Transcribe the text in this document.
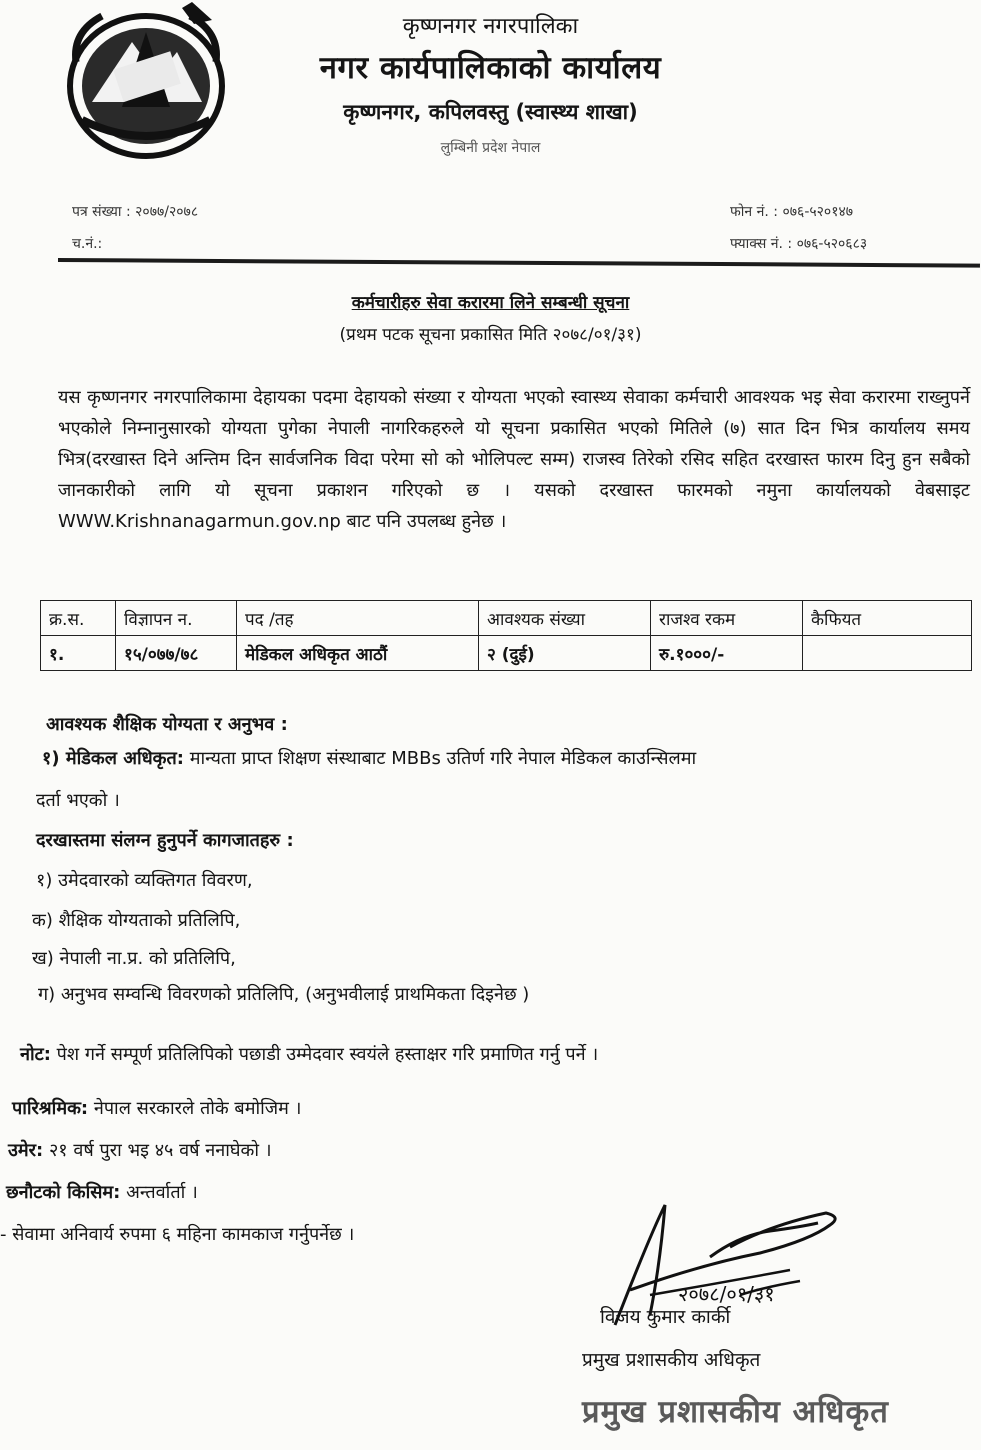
कृष्णनगर नगरपालिका
नगर कार्यपालिकाको कार्यालय
कृष्णनगर, कपिलवस्तु (स्वास्थ्य शाखा)
लुम्बिनी प्रदेश नेपाल
पत्र संख्या : २०७७/२०७८
च.नं.:
फोन नं. : ०७६-५२०१४७
फ्याक्स नं. : ०७६-५२०६८३
कर्मचारीहरु सेवा करारमा लिने सम्बन्धी सूचना
(प्रथम पटक सूचना प्रकासित मिति २०७८/०१/३१)
यस कृष्णनगर नगरपालिकामा देहायका पदमा देहायको संख्या र योग्यता भएको स्वास्थ्य सेवाका कर्मचारी आवश्यक भइ सेवा करारमा राख्नुपर्ने भएकोले निम्नानुसारको योग्यता पुगेका नेपाली नागरिकहरुले यो सूचना प्रकासित भएको मितिले (७) सात दिन भित्र कार्यालय समय भित्र(दरखास्त दिने अन्तिम दिन सार्वजनिक विदा परेमा सो को भोलिपल्ट सम्म) राजस्व तिरेको रसिद सहित दरखास्त फारम दिनु हुन सबैको जानकारीको लागि यो सूचना प्रकाशन गरिएको छ । यसको दरखास्त फारमको नमुना कार्यालयको वेबसाइट WWW.Krishnanagarmun.gov.np बाट पनि उपलब्ध हुनेछ ।
क्र.स.	विज्ञापन न.	पद /तह	आवश्यक संख्या	राजश्व रकम	कैफियत
१.	१५/०७७/७८	मेडिकल अधिकृत आठौं	२ (दुई)	रु.१०००/-	
आवश्यक शैक्षिक योग्यता र अनुभव :
१) मेडिकल अधिकृत: मान्यता प्राप्त शिक्षण संस्थाबाट MBBs उतिर्ण गरि नेपाल मेडिकल काउन्सिलमा
दर्ता भएको ।
दरखास्तमा संलग्न हुनुपर्ने कागजातहरु :
१) उमेदवारको व्यक्तिगत विवरण,
क) शैक्षिक योग्यताको प्रतिलिपि,
ख) नेपाली ना.प्र. को प्रतिलिपि,
ग) अनुभव सम्वन्धि विवरणको प्रतिलिपि, (अनुभवीलाई प्राथमिकता दिइनेछ )
नोट: पेश गर्ने सम्पूर्ण प्रतिलिपिको पछाडी उम्मेदवार स्वयंले हस्ताक्षर गरि प्रमाणित गर्नु पर्ने ।
पारिश्रमिक: नेपाल सरकारले तोके बमोजिम ।
उमेर: २१ वर्ष पुरा भइ ४५ वर्ष ननाघेको ।
छनौटको किसिम: अन्तर्वार्ता ।
- सेवामा अनिवार्य रुपमा ६ महिना कामकाज गर्नुपर्नेछ ।
२०७८/०१/३१
विजय कुमार कार्की
प्रमुख प्रशासकीय अधिकृत
प्रमुख प्रशासकीय अधिकृत
